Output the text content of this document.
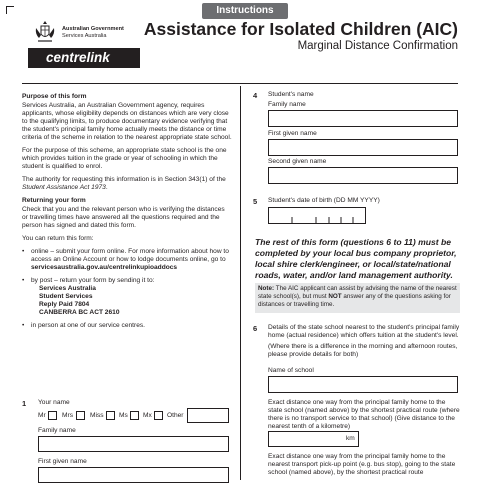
Instructions
Assistance for Isolated Children (AIC)
Marginal Distance Confirmation
Australian Government
Services Australia
centrelink

Purpose of this form

Services Australia, an Australian Government agency, requires applicants, whose eligibility depends on distances which are very close to the qualifying limits, to produce documentary evidence verifying that the student's principal family home actually meets the distance or time criteria of the scheme in relation to the nearest appropriate state school.

For the purpose of this scheme, an appropriate state school is the one which provides tuition in the grade or year of schooling in which the student is qualified to enrol.

The authority for requesting this information is in Section 343(1) of the Student Assistance Act 1973.

Returning your form

Check that you and the relevant person who is verifying the distances or travelling times have answered all the questions required and the person has signed and dated this form.

You can return this form:

•	online – submit your form online. For more information about how to access an Online Account or how to lodge documents online, go to servicesaustralia.gov.au/centrelinkupioaddocs
•	by post – return your form by sending it to:

Services Australia
Student Services
Reply Paid 7804
CANBERRA BC ACT 2610
•	in person at one of our service centres.
1 Your name
Mr Mrs	Miss Ms Mx Other
Family name
First given name
4 Student's name
Family name
First given name
Second given name
5 Student's date of birth (DD MM YYYY)
The rest of this form (questions 6 to 11) must be completed by your local bus company proprietor, local shire clerk/engineer, or local/state/national roads, water, and/or land management authority.
Note: The AIC applicant can assist by advising the name of the nearest state school(s), but must NOT answer any of the questions asking for distances or travelling time.
6 Details of the state school nearest to the student's principal family home (actual residence) which offers tuition at the student's level.
(Where there is a difference in the morning and afternoon routes, please provide details for both)
Name of school
Exact distance one way from the principal family home to the state school (named above) by the shortest practical route (where there is no transport service to that school) (Give distance to the nearest tenth of a kilometre)
km
Exact distance one way from the principal family home to the nearest transport pick-up point (e.g. bus stop), going to the state school (named above), by the shortest practical route
